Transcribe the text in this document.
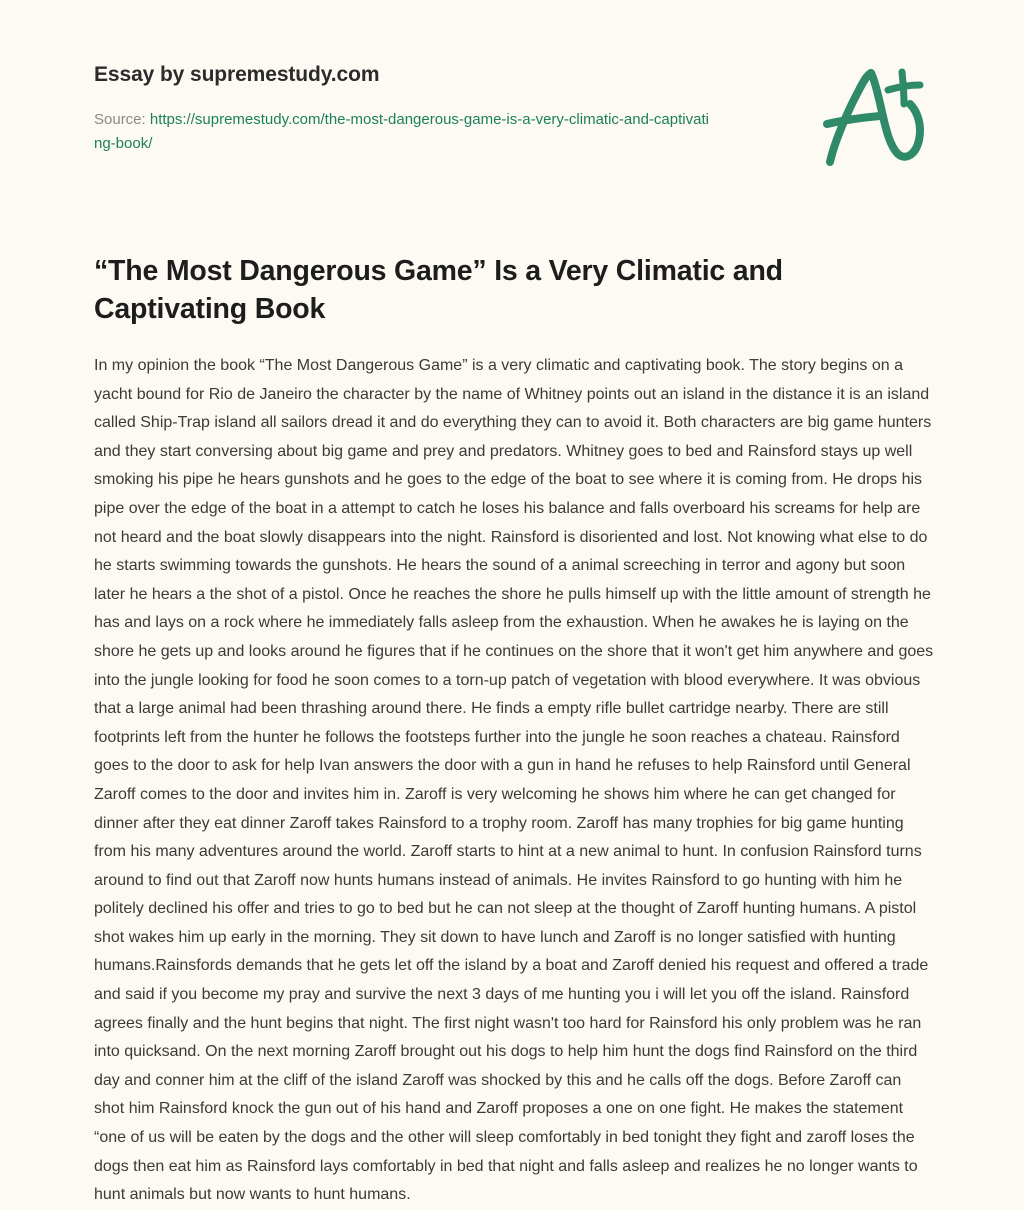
Essay by supremestudy.com
Source: https://supremestudy.com/the-most-dangerous-game-is-a-very-climatic-and-captivating-book/
“The Most Dangerous Game” Is a Very Climatic and Captivating Book

In my opinion the book “The Most Dangerous Game” is a very climatic and captivating book. The story begins on a yacht bound for Rio de Janeiro the character by the name of Whitney points out an island in the distance it is an island called Ship-Trap island all sailors dread it and do everything they can to avoid it. Both characters are big game hunters and they start conversing about big game and prey and predators. Whitney goes to bed and Rainsford stays up well smoking his pipe he hears gunshots and he goes to the edge of the boat to see where it is coming from. He drops his pipe over the edge of the boat in a attempt to catch he loses his balance and falls overboard his screams for help are not heard and the boat slowly disappears into the night. Rainsford is disoriented and lost. Not knowing what else to do he starts swimming towards the gunshots. He hears the sound of a animal screeching in terror and agony but soon later he hears a the shot of a pistol. Once he reaches the shore he pulls himself up with the little amount of strength he has and lays on a rock where he immediately falls asleep from the exhaustion. When he awakes he is laying on the shore he gets up and looks around he figures that if he continues on the shore that it won't get him anywhere and goes into the jungle looking for food he soon comes to a torn-up patch of vegetation with blood everywhere. It was obvious that a large animal had been thrashing around there. He finds a empty rifle bullet cartridge nearby. There are still footprints left from the hunter he follows the footsteps further into the jungle he soon reaches a chateau. Rainsford goes to the door to ask for help Ivan answers the door with a gun in hand he refuses to help Rainsford until General Zaroff comes to the door and invites him in. Zaroff is very welcoming he shows him where he can get changed for dinner after they eat dinner Zaroff takes Rainsford to a trophy room. Zaroff has many trophies for big game hunting from his many adventures around the world. Zaroff starts to hint at a new animal to hunt. In confusion Rainsford turns around to find out that Zaroff now hunts humans instead of animals. He invites Rainsford to go hunting with him he politely declined his offer and tries to go to bed but he can not sleep at the thought of Zaroff hunting humans. A pistol shot wakes him up early in the morning. They sit down to have lunch and Zaroff is no longer satisfied with hunting humans.Rainsfords demands that he gets let off the island by a boat and Zaroff denied his request and offered a trade and said if you become my pray and survive the next 3 days of me hunting you i will let you off the island. Rainsford agrees finally and the hunt begins that night. The first night wasn't too hard for Rainsford his only problem was he ran into quicksand. On the next morning Zaroff brought out his dogs to help him hunt the dogs find Rainsford on the third day and conner him at the cliff of the island Zaroff was shocked by this and he calls off the dogs. Before Zaroff can shot him Rainsford knock the gun out of his hand and Zaroff proposes a one on one fight. He makes the statement “one of us will be eaten by the dogs and the other will sleep comfortably in bed tonight they fight and zaroff loses the dogs then eat him as Rainsford lays comfortably in bed that night and falls asleep and realizes he no longer wants to hunt animals but now wants to hunt humans.
